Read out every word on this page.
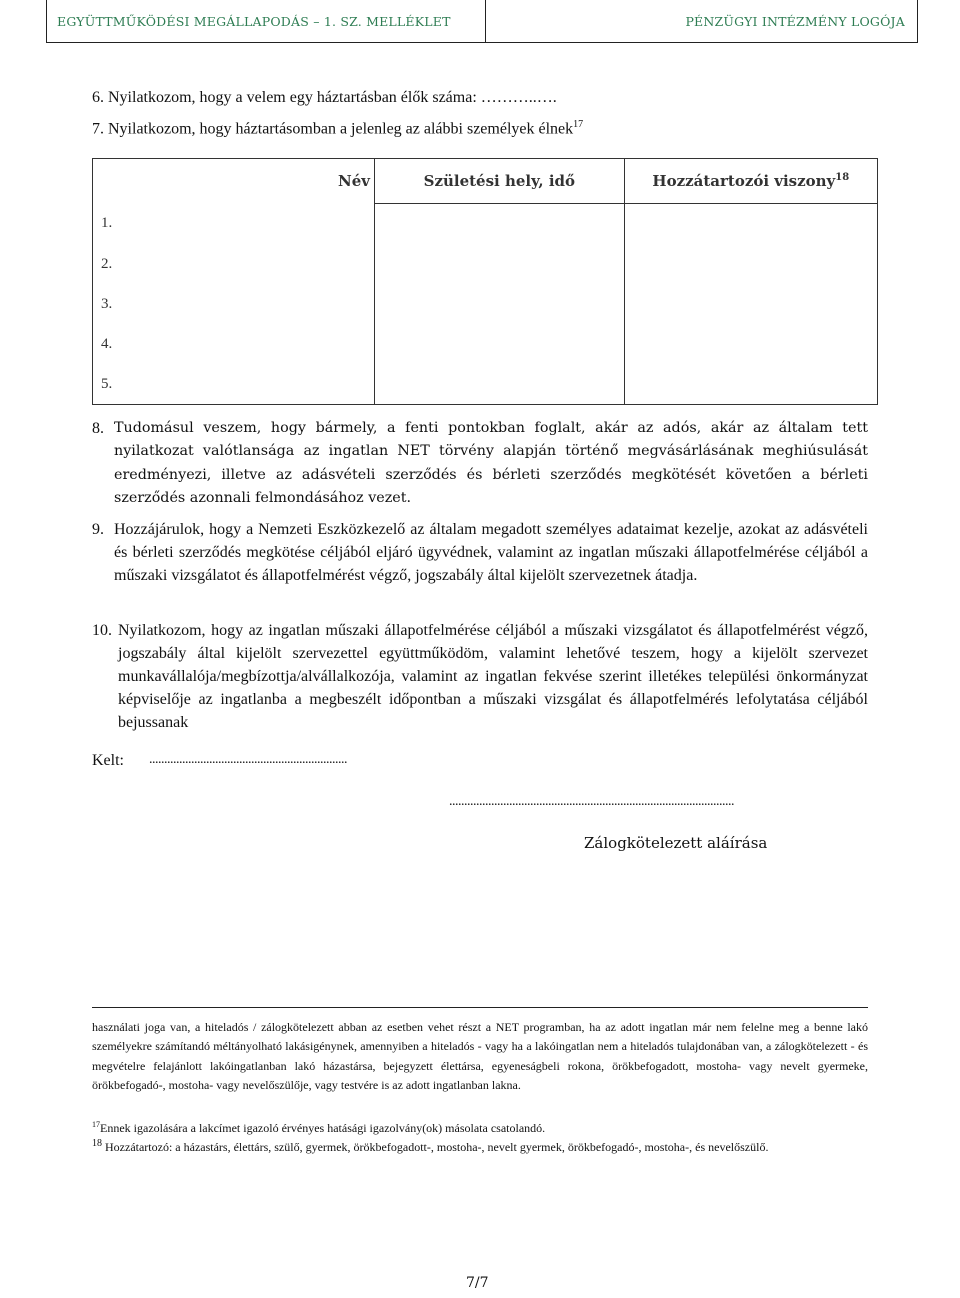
EGYÜTTMŰKÖDÉSI MEGÁLLAPODÁS – 1. SZ. MELLÉKLET	PÉNZÜGYI INTÉZMÉNY LOGÓJA
6. Nyilatkozom, hogy a velem egy háztartásban élők száma: ………..….
7. Nyilatkozom, hogy háztartásomban a jelenleg az alábbi személyek élnek$^{17}$
Név	Születési hely, idő	Hozzátartozói viszony$^{18}$
1.		
2.		
3.		
4.		
5.		
8. Tudomásul veszem, hogy bármely, a fenti pontokban foglalt, akár az adós, akár az általam tett nyilatkozat valótlansága az ingatlan NET törvény alapján történő megvásárlásának meghiúsulását eredményezi, illetve az adásvételi szerződés és bérleti szerződés megkötését követően a bérleti szerződés azonnali felmondásához vezet.
9. Hozzájárulok, hogy a Nemzeti Eszközkezelő az általam megadott személyes adataimat kezelje, azokat az adásvételi és bérleti szerződés megkötése céljából eljáró ügyvédnek, valamint az ingatlan műszaki állapotfelmérése céljából a műszaki vizsgálatot és állapotfelmérést végző, jogszabály által kijelölt szervezetnek átadja.
10. Nyilatkozom, hogy az ingatlan műszaki állapotfelmérése céljából a műszaki vizsgálatot és állapotfelmérést végző, jogszabály által kijelölt szervezettel együttműködöm, valamint lehetővé teszem, hogy a kijelölt szervezet munkavállalója/megbízottja/alvállalkozója, valamint az ingatlan fekvése szerint illetékes települési önkormányzat képviselője az ingatlanba a megbeszélt időpontban a műszaki vizsgálat és állapotfelmérés lefolytatása céljából bejussanak
Kelt: ..................................................................
...............................................................................................
Zálogkötelezett aláírása
használati joga van, a hiteladós / zálogkötelezett abban az esetben vehet részt a NET programban, ha az adott ingatlan már nem felelne meg a benne lakó személyekre számítandó méltányolható lakásigénynek, amennyiben a hiteladós - vagy ha a lakóingatlan nem a hiteladós tulajdonában van, a zálogkötelezett - és megvételre felajánlott lakóingatlanban lakó házastársa, bejegyzett élettársa, egyeneságbeli rokona, örökbefogadott, mostoha- vagy nevelt gyermeke, örökbefogadó-, mostoha- vagy nevelőszülője, vagy testvére is az adott ingatlanban lakna.
$^{17}$Ennek igazolására a lakcímet igazoló érvényes hatásági igazolvány(ok) másolata csatolandó.
$^{18}$ Hozzátartozó: a házastárs, élettárs, szülő, gyermek, örökbefogadott-, mostoha-, nevelt gyermek, örökbefogadó-, mostoha-, és nevelőszülő.
7/7
